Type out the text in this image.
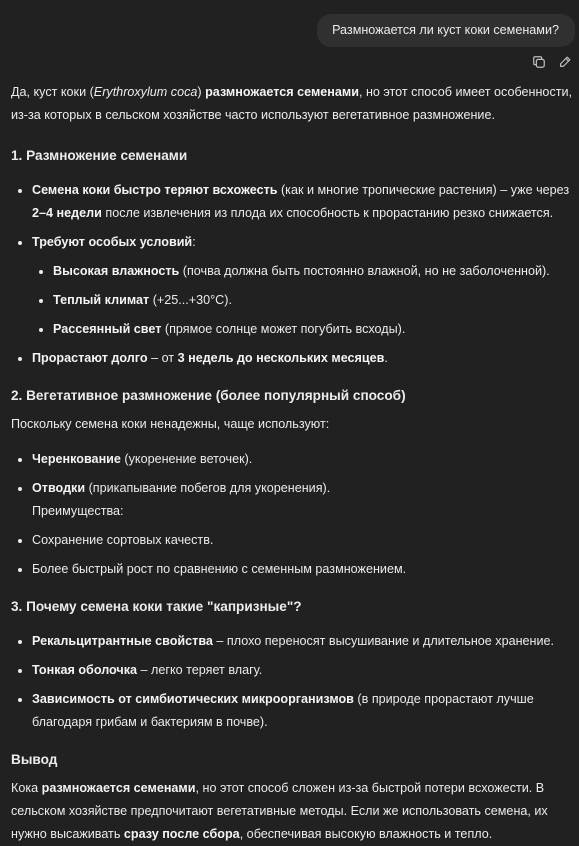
Размножается ли куст коки семенами?

Да, куст коки (Erythroxylum coca) размножается семенами, но этот способ имеет особенности, из-за которых в сельском хозяйстве часто используют вегетативное размножение.

1. Размножение семенами
Семена коки быстро теряют всхожесть (как и многие тропические растения) – уже через 2–4 недели после извлечения из плода их способность к прорастанию резко снижается.
Требуют особых условий:
Высокая влажность (почва должна быть постоянно влажной, но не заболоченной).
Теплый климат (+25...+30°C).
Рассеянный свет (прямое солнце может погубить всходы).
Прорастают долго – от 3 недель до нескольких месяцев.
2. Вегетативное размножение (более популярный способ)

Поскольку семена коки ненадежны, чаще используют:

Черенкование (укоренение веточек).
Отводки (прикапывание побегов для укоренения).
Преимущества:
Сохранение сортовых качеств.
Более быстрый рост по сравнению с семенным размножением.
3. Почему семена коки такие "капризные"?
Рекальцитрантные свойства – плохо переносят высушивание и длительное хранение.
Тонкая оболочка – легко теряет влагу.
Зависимость от симбиотических микроорганизмов (в природе прорастают лучше благодаря грибам и бактериям в почве).
Вывод

Кока размножается семенами, но этот способ сложен из-за быстрой потери всхожести. В сельском хозяйстве предпочитают вегетативные методы. Если же использовать семена, их нужно высаживать сразу после сбора, обеспечивая высокую влажность и тепло.
